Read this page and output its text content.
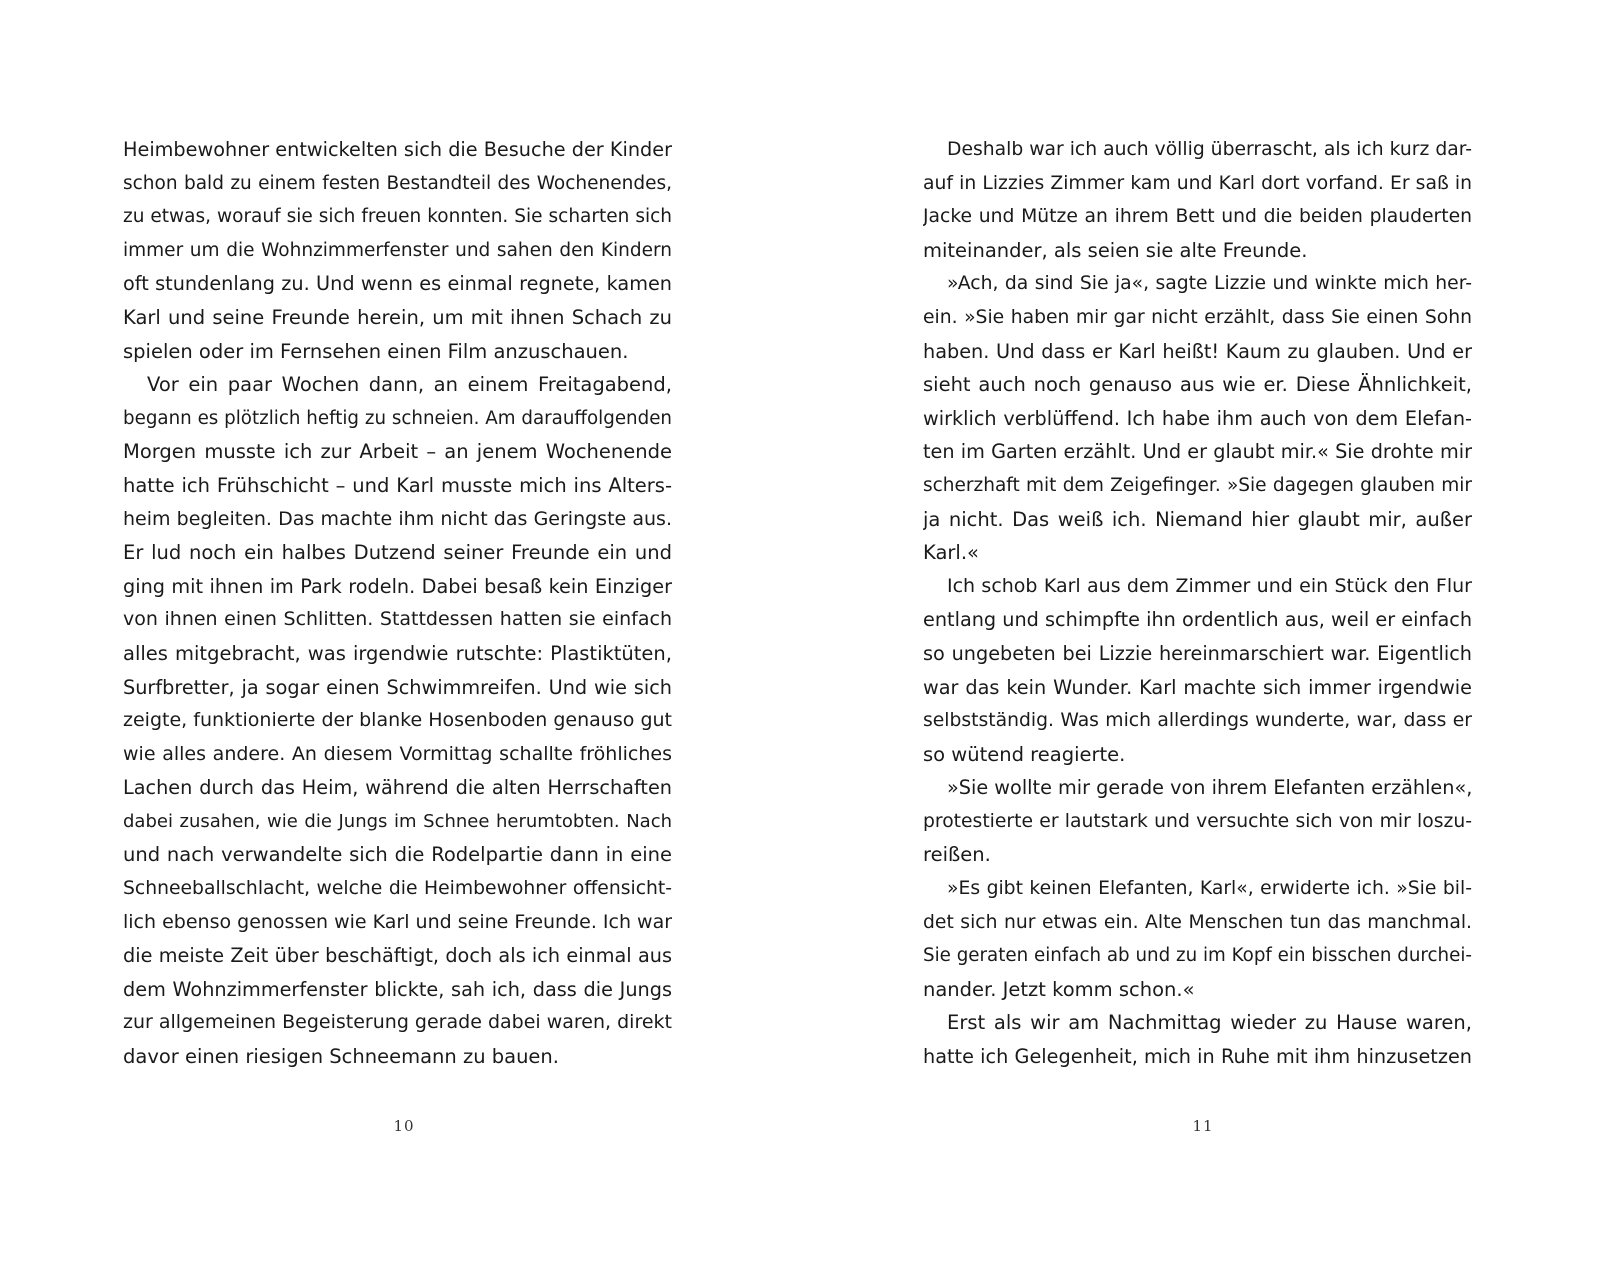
Heimbewohner entwickelten sich die Besuche der Kinder
schon bald zu einem festen Bestandteil des Wochenendes,
zu etwas, worauf sie sich freuen konnten. Sie scharten sich
immer um die Wohnzimmerfenster und sahen den Kindern
oft stundenlang zu. Und wenn es einmal regnete, kamen
Karl und seine Freunde herein, um mit ihnen Schach zu
spielen oder im Fernsehen einen Film anzuschauen.
Vor ein paar Wochen dann, an einem Freitagabend,
begann es plötzlich heftig zu schneien. Am darauffolgenden
Morgen musste ich zur Arbeit – an jenem Wochenende
hatte ich Frühschicht – und Karl musste mich ins Alters-
heim begleiten. Das machte ihm nicht das Geringste aus.
Er lud noch ein halbes Dutzend seiner Freunde ein und
ging mit ihnen im Park rodeln. Dabei besaß kein Einziger
von ihnen einen Schlitten. Stattdessen hatten sie einfach
alles mitgebracht, was irgendwie rutschte: Plastiktüten,
Surfbretter, ja sogar einen Schwimmreifen. Und wie sich
zeigte, funktionierte der blanke Hosenboden genauso gut
wie alles andere. An diesem Vormittag schallte fröhliches
Lachen durch das Heim, während die alten Herrschaften
dabei zusahen, wie die Jungs im Schnee herumtobten. Nach
und nach verwandelte sich die Rodelpartie dann in eine
Schneeballschlacht, welche die Heimbewohner offensicht-
lich ebenso genossen wie Karl und seine Freunde. Ich war
die meiste Zeit über beschäftigt, doch als ich einmal aus
dem Wohnzimmerfenster blickte, sah ich, dass die Jungs
zur allgemeinen Begeisterung gerade dabei waren, direkt
davor einen riesigen Schneemann zu bauen.
Deshalb war ich auch völlig überrascht, als ich kurz dar-
auf in Lizzies Zimmer kam und Karl dort vorfand. Er saß in
Jacke und Mütze an ihrem Bett und die beiden plauderten
miteinander, als seien sie alte Freunde.
»Ach, da sind Sie ja«, sagte Lizzie und winkte mich her-
ein. »Sie haben mir gar nicht erzählt, dass Sie einen Sohn
haben. Und dass er Karl heißt! Kaum zu glauben. Und er
sieht auch noch genauso aus wie er. Diese Ähnlichkeit,
wirklich verblüffend. Ich habe ihm auch von dem Elefan-
ten im Garten erzählt. Und er glaubt mir.« Sie drohte mir
scherzhaft mit dem Zeigefinger. »Sie dagegen glauben mir
ja nicht. Das weiß ich. Niemand hier glaubt mir, außer
Karl.«
Ich schob Karl aus dem Zimmer und ein Stück den Flur
entlang und schimpfte ihn ordentlich aus, weil er einfach
so ungebeten bei Lizzie hereinmarschiert war. Eigentlich
war das kein Wunder. Karl machte sich immer irgendwie
selbstständig. Was mich allerdings wunderte, war, dass er
so wütend reagierte.
»Sie wollte mir gerade von ihrem Elefanten erzählen«,
protestierte er lautstark und versuchte sich von mir loszu-
reißen.
»Es gibt keinen Elefanten, Karl«, erwiderte ich. »Sie bil-
det sich nur etwas ein. Alte Menschen tun das manchmal.
Sie geraten einfach ab und zu im Kopf ein bisschen durchei-
nander. Jetzt komm schon.«
Erst als wir am Nachmittag wieder zu Hause waren,
hatte ich Gelegenheit, mich in Ruhe mit ihm hinzusetzen
10	11
